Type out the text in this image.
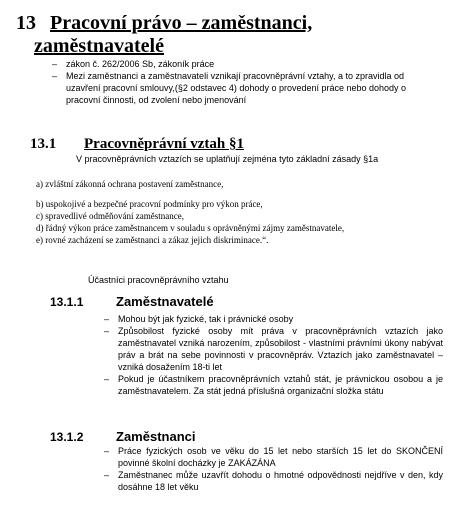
13 Pracovní právo – zaměstnanci,
zaměstnavatelé
– zákon č. 262/2006 Sb, zákoník práce
– Mezi zaměstnanci a zaměstnavateli vznikají pracovněprávní vztahy, a to zpravidla od uzavření pracovní smlouvy,(§2 odstavec 4) dohody o provedení práce nebo dohody o pracovní činnosti, od zvolení nebo jmenování
13.1 Pracovněprávní vztah §1
V pracovněprávních vztazích se uplatňují zejména tyto základní zásady §1a
a) zvláštní zákonná ochrana postavení zaměstnance,
b) uspokojivé a bezpečné pracovní podmínky pro výkon práce,
c) spravedlivé odměňování zaměstnance,
d) řádný výkon práce zaměstnancem v souladu s oprávněnými zájmy zaměstnavatele,
e) rovné zacházení se zaměstnanci a zákaz jejich diskriminace.“.
Účastníci pracovněprávního vztahu
13.1.1	Zaměstnavatelé
– Mohou být jak fyzické, tak i právnické osoby
– Způsobilost fyzické osoby mít práva v pracovněprávních vztazích jako zaměstnavatel vzniká narozením, způsobilost - vlastními právními úkony nabývat práv a brát na sebe povinnosti v pracovněpráv. Vztazích jako zaměstnavatel – vzniká dosažením 18-ti let
– Pokud je účastníkem pracovněprávních vztahů stát, je právnickou osobou a je zaměstnavatelem. Za stát jedná příslušná organizační složka státu
13.1.2	Zaměstnanci
– Práce fyzických osob ve věku do 15 let nebo starších 15 let do SKONČENÍ povinné školní docházky je ZAKÁZÁNA
– Zaměstnanec může uzavřít dohodu o hmotné odpovědnosti nejdříve v den, kdy dosáhne 18 let věku
